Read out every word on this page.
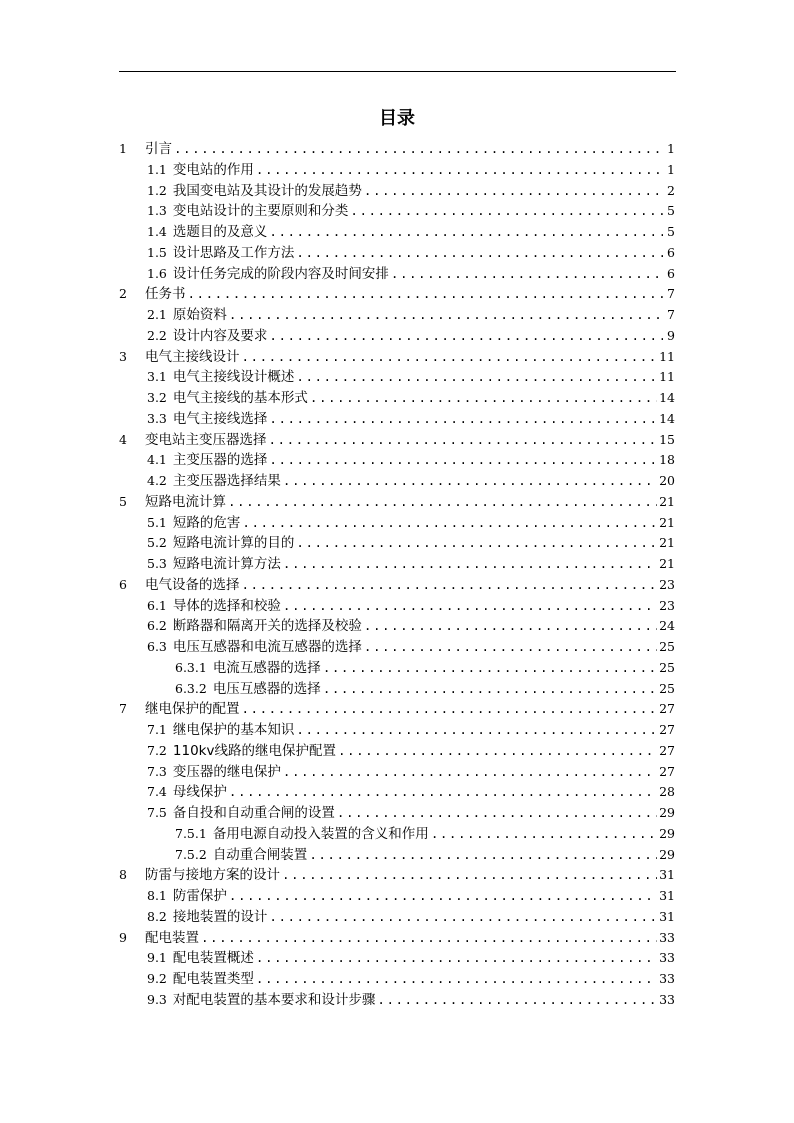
目录
1	引言 . . .	1
1.1 变电站的作用 . . .	1
1.2 我国变电站及其设计的发展趋势 . . .	2
1.3 变电站设计的主要原则和分类 . . .	5
1.4 选题目的及意义 . . .	5
1.5 设计思路及工作方法 . . .	6
1.6 设计任务完成的阶段内容及时间安排 . . .	6
2	任务书 . . .	7
2.1 原始资料 . . .	7
2.2 设计内容及要求 . . .	9
3	电气主接线设计 . . .	11
3.1 电气主接线设计概述 . . .	11
3.2 电气主接线的基本形式 . . .	14
3.3 电气主接线选择 . . .	14
4	变电站主变压器选择 . . .	15
4.1 主变压器的选择 . . .	18
4.2 主变压器选择结果 . . .	20
5	短路电流计算 . . .	21
5.1 短路的危害 . . .	21
5.2 短路电流计算的目的 . . .	21
5.3 短路电流计算方法 . . .	21
6	电气设备的选择 . . .	23
6.1 导体的选择和校验 . . .	23
6.2 断路器和隔离开关的选择及校验 . . .	24
6.3 电压互感器和电流互感器的选择 . . .	25
6.3.1 电流互感器的选择 . . .	25
6.3.2 电压互感器的选择 . . .	25
7	继电保护的配置 . . .	27
7.1 继电保护的基本知识 . . .	27
7.2 110kv线路的继电保护配置 . . .	27
7.3 变压器的继电保护 . . .	27
7.4 母线保护 . . .	28
7.5 备自投和自动重合闸的设置 . . .	29
7.5.1 备用电源自动投入装置的含义和作用 . . .	29
7.5.2 自动重合闸装置 . . .	29
8	防雷与接地方案的设计 . . .	31
8.1 防雷保护 . . .	31
8.2 接地装置的设计 . . .	31
9	配电装置 . . .	33
9.1 配电装置概述 . . .	33
9.2 配电装置类型 . . .	33
9.3 对配电装置的基本要求和设计步骤 . . .	33
